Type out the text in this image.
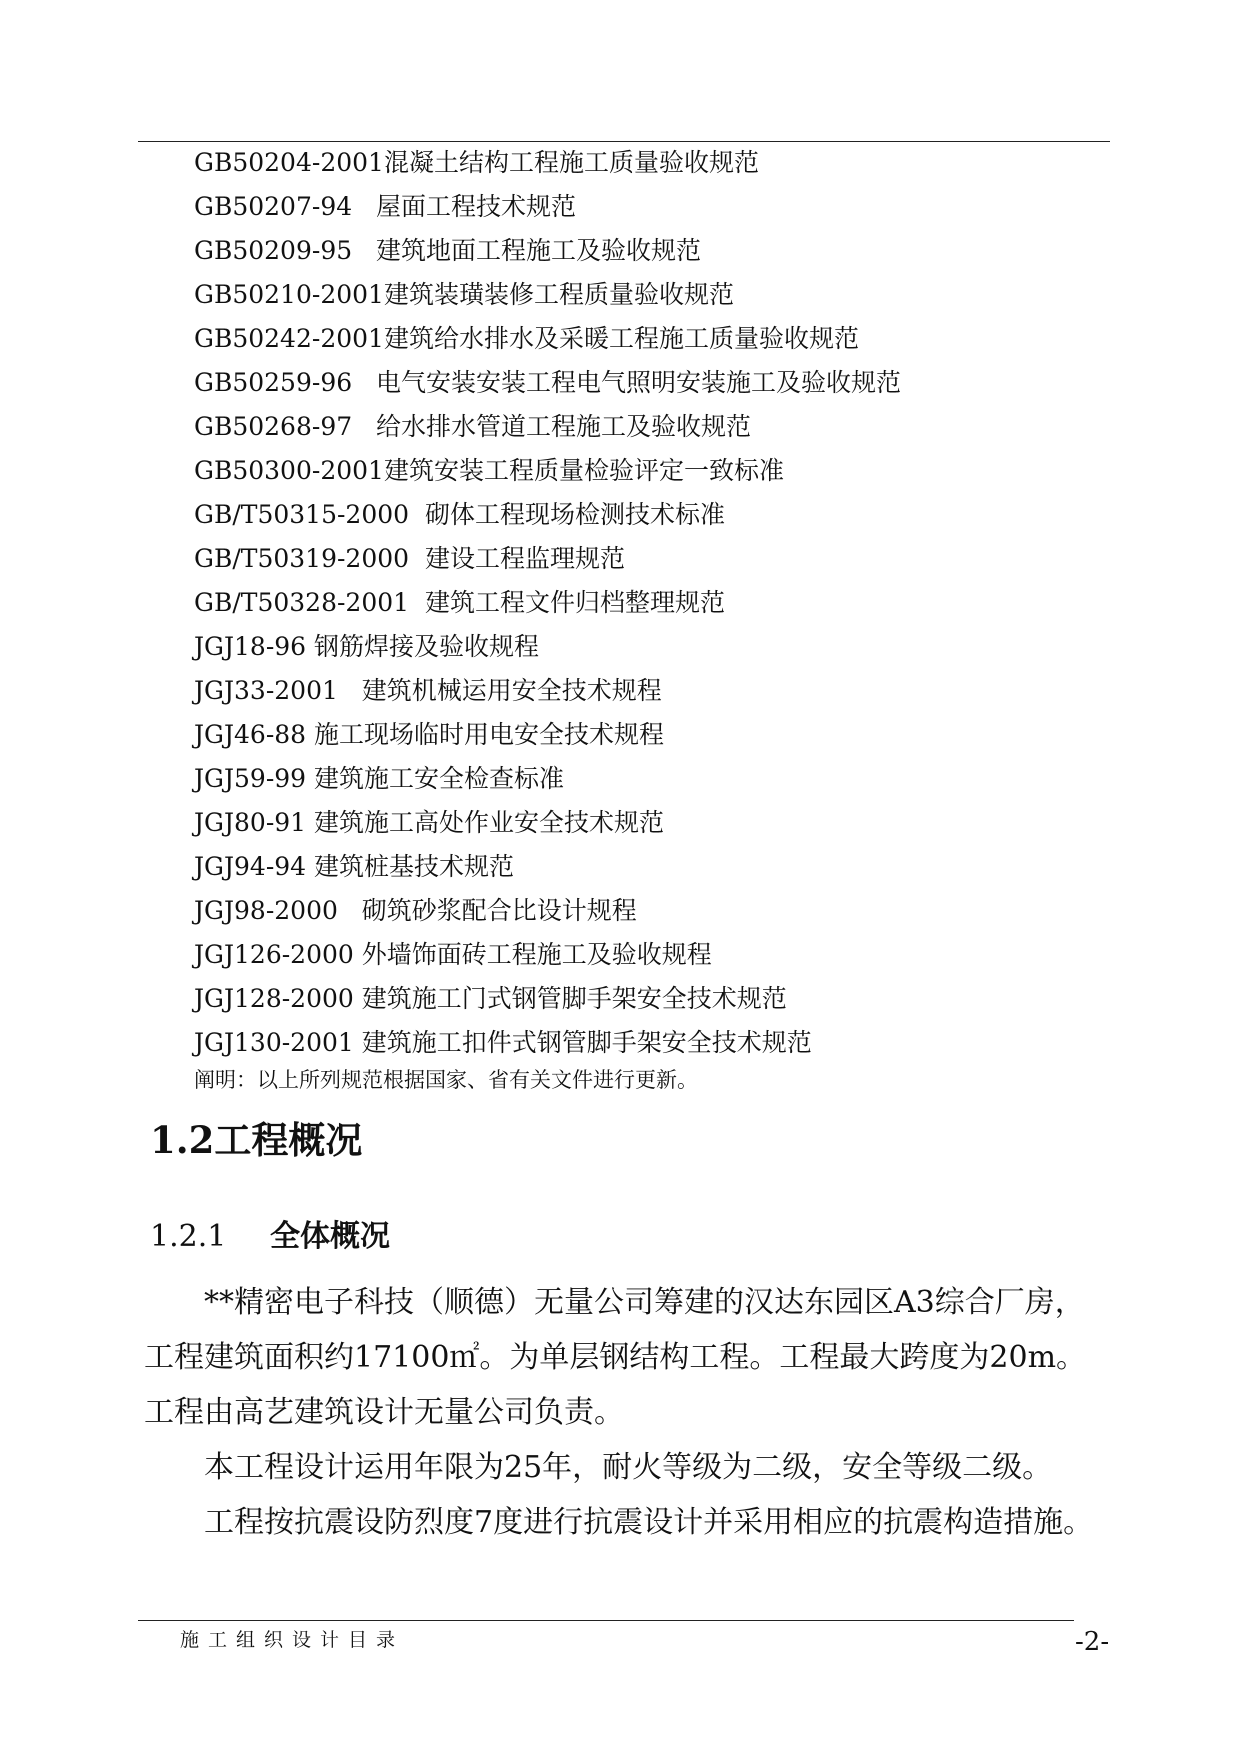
GB50204-2001混凝土结构工程施工质量验收规范
GB50207-94 屋面工程技术规范
GB50209-95 建筑地面工程施工及验收规范
GB50210-2001建筑装璜装修工程质量验收规范
GB50242-2001建筑给水排水及采暖工程施工质量验收规范
GB50259-96 电气安装安装工程电气照明安装施工及验收规范
GB50268-97 给水排水管道工程施工及验收规范
GB50300-2001建筑安装工程质量检验评定一致标准
GB/T50315-2000 砌体工程现场检测技术标准
GB/T50319-2000 建设工程监理规范
GB/T50328-2001 建筑工程文件归档整理规范
JGJ18-96 钢筋焊接及验收规程
JGJ33-2001 建筑机械运用安全技术规程
JGJ46-88 施工现场临时用电安全技术规程
JGJ59-99 建筑施工安全检查标准
JGJ80-91 建筑施工高处作业安全技术规范
JGJ94-94 建筑桩基技术规范
JGJ98-2000 砌筑砂浆配合比设计规程
JGJ126-2000 外墙饰面砖工程施工及验收规程
JGJ128-2000 建筑施工门式钢管脚手架安全技术规范
JGJ130-2001 建筑施工扣件式钢管脚手架安全技术规范
阐明：以上所列规范根据国家、省有关文件进行更新。
1.2工程概况
1.2.1 全体概况

**精密电子科技（顺德）无量公司筹建的汉达东园区A3综合厂房，工程建筑面积约17100㎡。为单层钢结构工程。工程最大跨度为20m。工程由高艺建筑设计无量公司负责。

本工程设计运用年限为25年，耐火等级为二级，安全等级二级。

工程按抗震设防烈度7度进行抗震设计并采用相应的抗震构造措施。

施工组织设计目录	-2-
